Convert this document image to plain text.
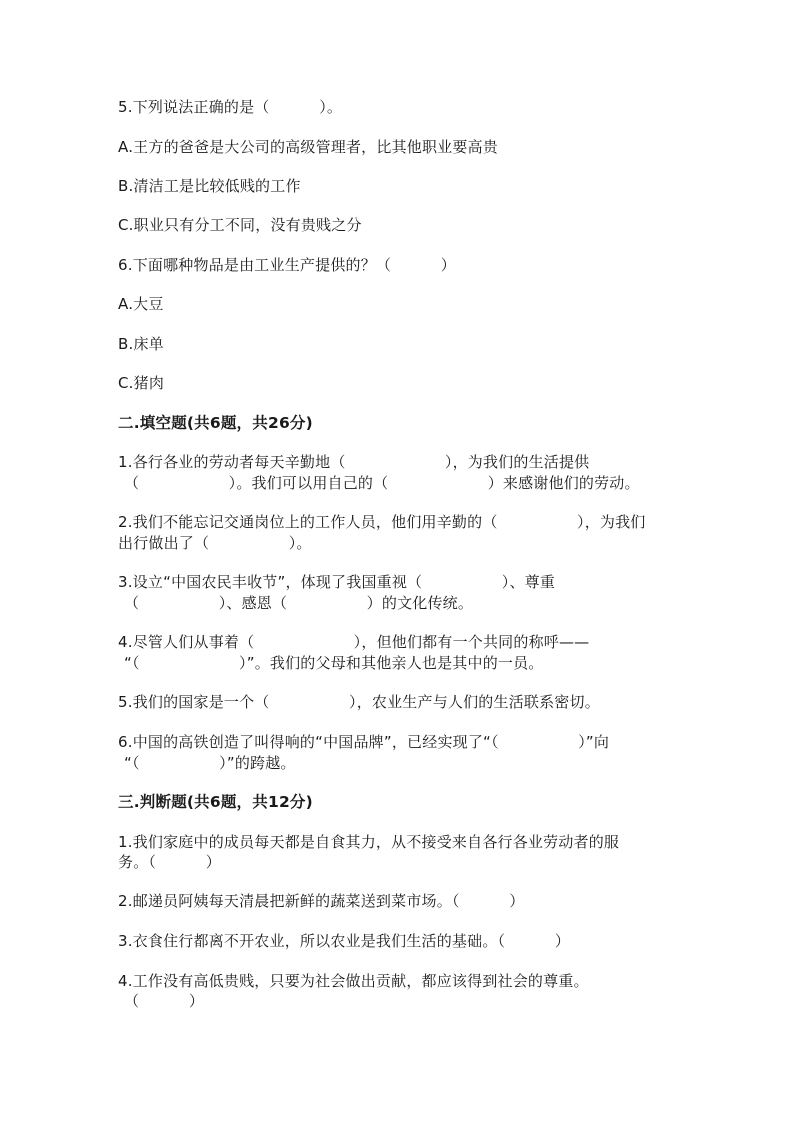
5.下列说法正确的是（          ）。
A.王方的爸爸是大公司的高级管理者，比其他职业要高贵
B.清洁工是比较低贱的工作
C.职业只有分工不同，没有贵贱之分
6.下面哪种物品是由工业生产提供的？（          ）
A.大豆
B.床单
C.猪肉
二.填空题(共6题，共26分)
1.各行各业的劳动者每天辛勤地（                    ），为我们的生活提供
（                  ）。我们可以用自己的（                    ）来感谢他们的劳动。
2.我们不能忘记交通岗位上的工作人员，他们用辛勤的（                ），为我们
出行做出了（                ）。
3.设立“中国农民丰收节”，体现了我国重视（                ）、尊重
（                ）、感恩（                ）的文化传统。
4.尽管人们从事着（                    ），但他们都有一个共同的称呼——
“（                    ）”。我们的父母和其他亲人也是其中的一员。
5.我们的国家是一个（                ），农业生产与人们的生活联系密切。
6.中国的高铁创造了叫得响的“中国品牌”，已经实现了“（                ）”向
“（                ）”的跨越。
三.判断题(共6题，共12分)
1.我们家庭中的成员每天都是自食其力，从不接受来自各行各业劳动者的服
务。（          ）
2.邮递员阿姨每天清晨把新鲜的蔬菜送到菜市场。（          ）
3.衣食住行都离不开农业，所以农业是我们生活的基础。（          ）
4.工作没有高低贵贱，只要为社会做出贡献，都应该得到社会的尊重。
（          ）
